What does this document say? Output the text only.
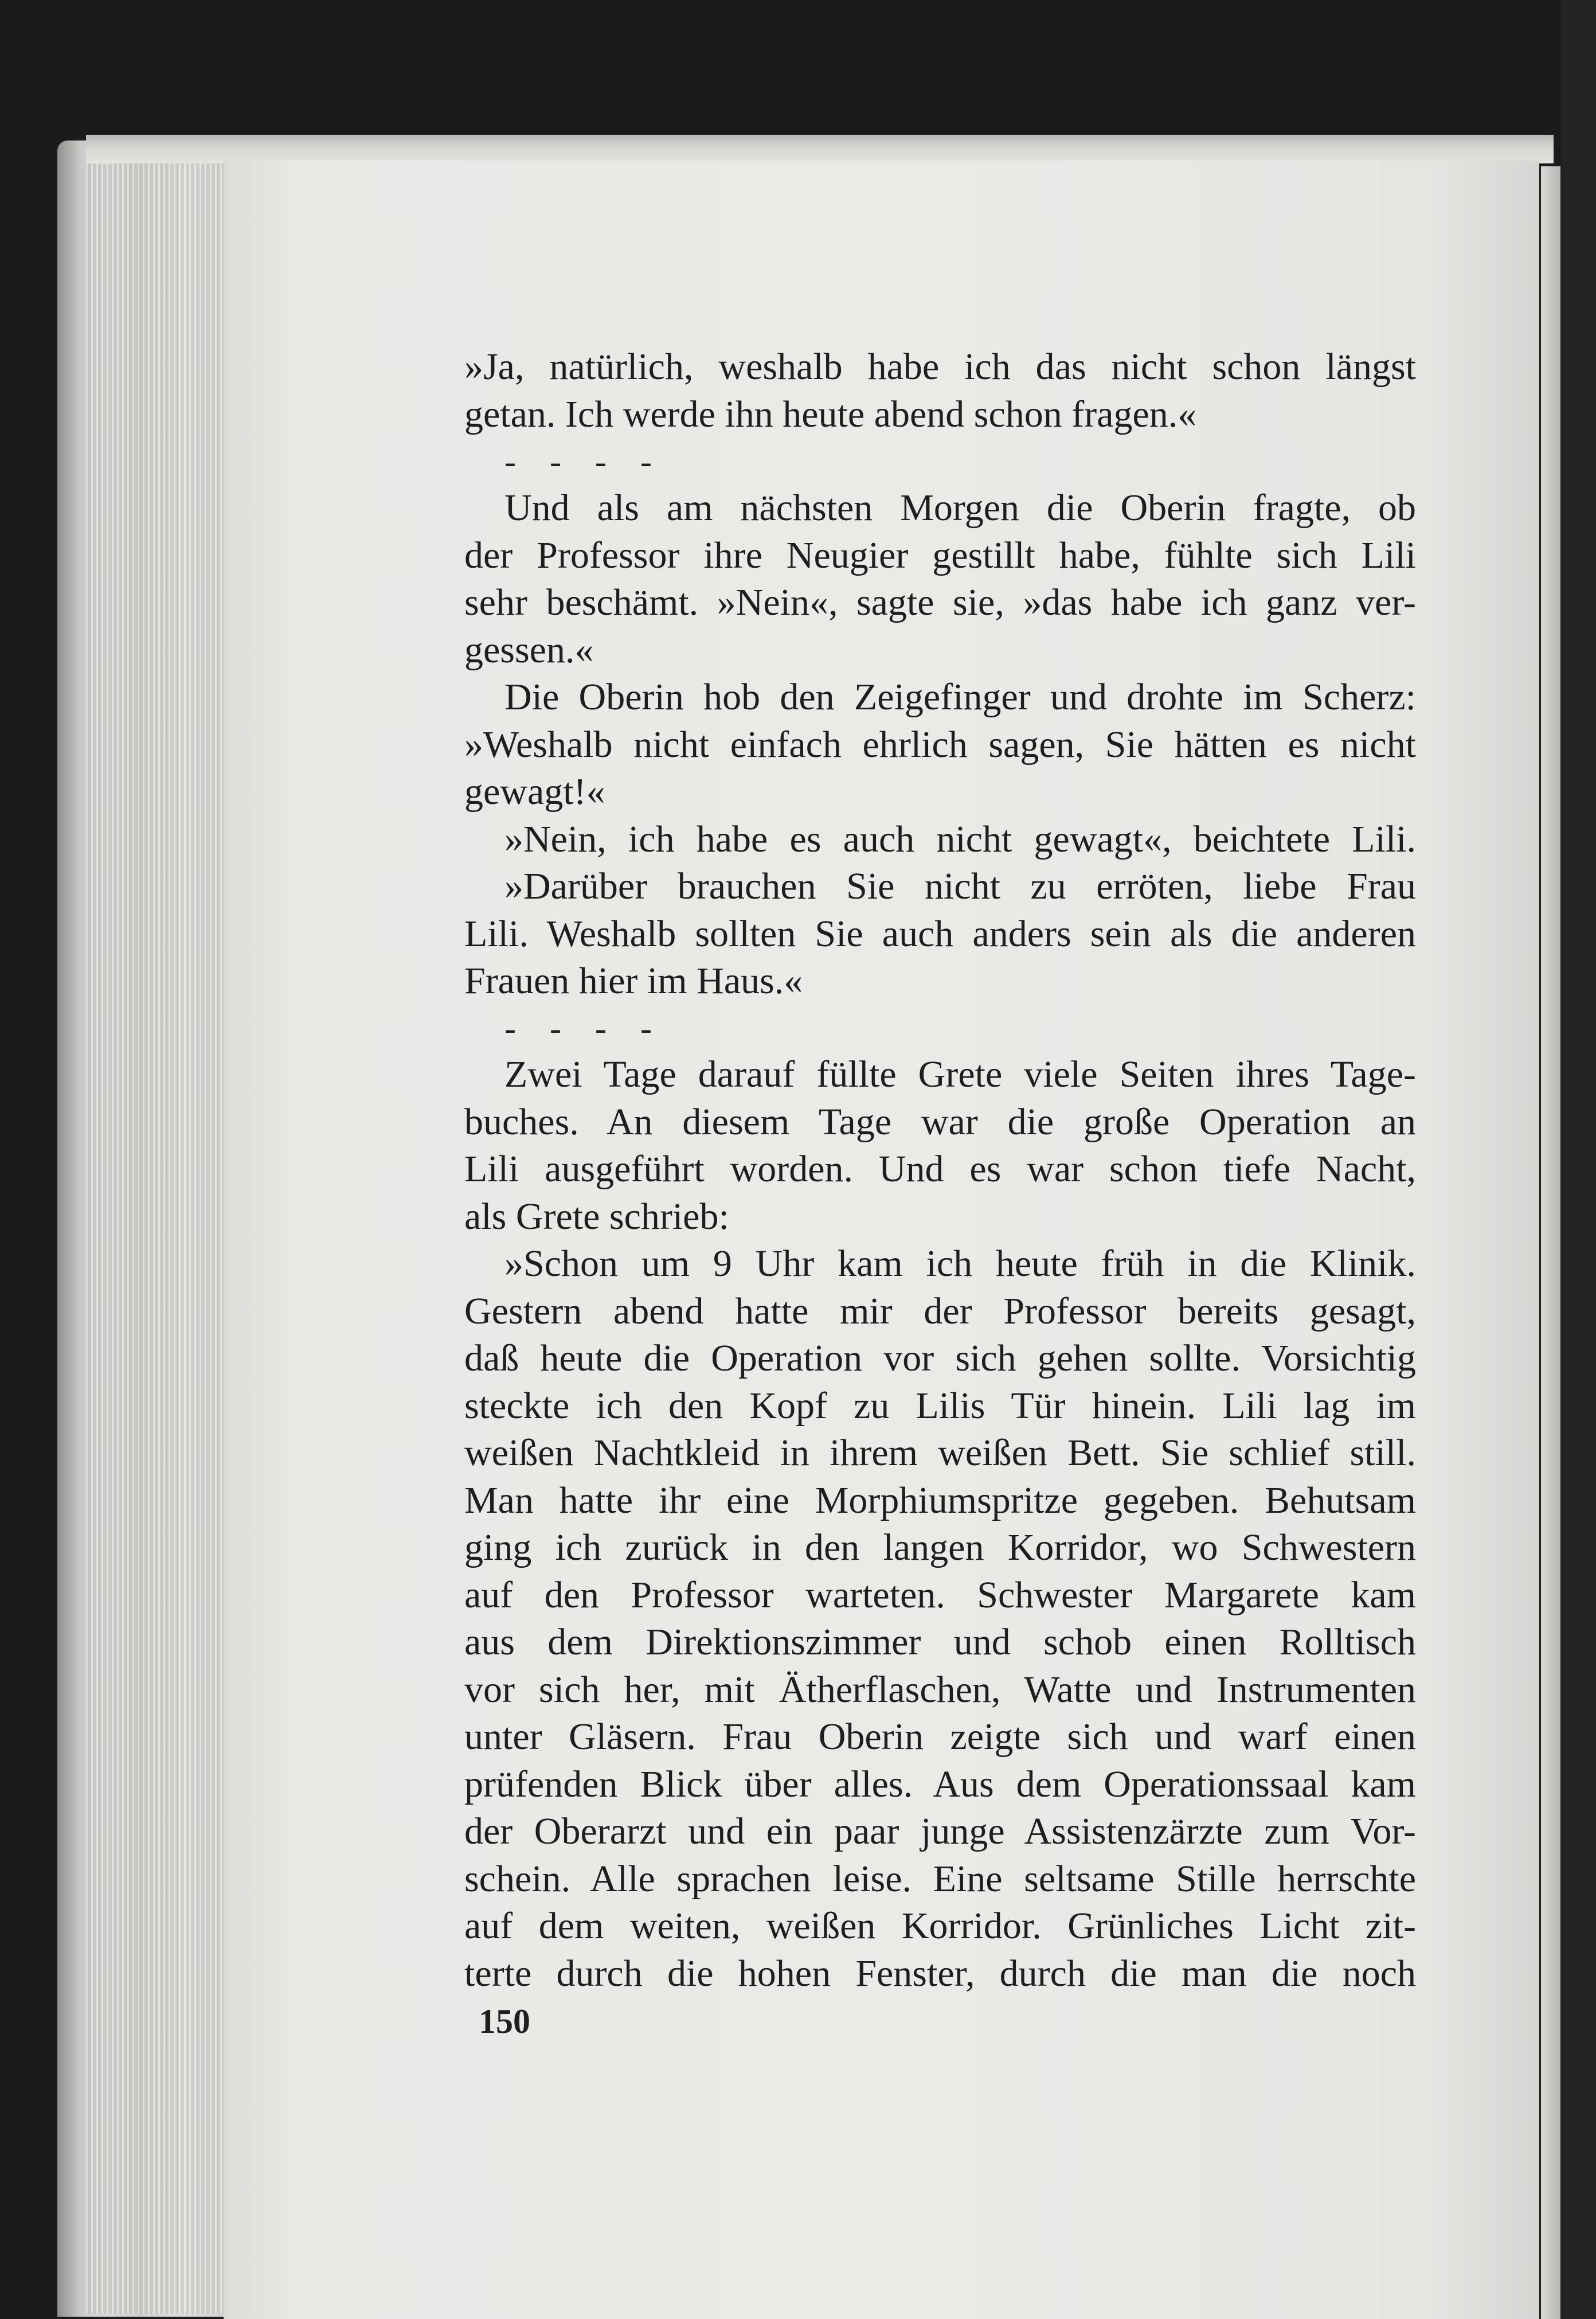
»Ja, natürlich, weshalb habe ich das nicht schon längst
getan. Ich werde ihn heute abend schon fragen.«
- - - -
Und als am nächsten Morgen die Oberin fragte, ob
der Professor ihre Neugier gestillt habe, fühlte sich Lili
sehr beschämt. »Nein«, sagte sie, »das habe ich ganz ver-
gessen.«
Die Oberin hob den Zeigefinger und drohte im Scherz:
»Weshalb nicht einfach ehrlich sagen, Sie hätten es nicht
gewagt!«
»Nein, ich habe es auch nicht gewagt«, beichtete Lili.
»Darüber brauchen Sie nicht zu erröten, liebe Frau
Lili. Weshalb sollten Sie auch anders sein als die anderen
Frauen hier im Haus.«
- - - -
Zwei Tage darauf füllte Grete viele Seiten ihres Tage-
buches. An diesem Tage war die große Operation an
Lili ausgeführt worden. Und es war schon tiefe Nacht,
als Grete schrieb:
»Schon um 9 Uhr kam ich heute früh in die Klinik.
Gestern abend hatte mir der Professor bereits gesagt,
daß heute die Operation vor sich gehen sollte. Vorsichtig
steckte ich den Kopf zu Lilis Tür hinein. Lili lag im
weißen Nachtkleid in ihrem weißen Bett. Sie schlief still.
Man hatte ihr eine Morphiumspritze gegeben. Behutsam
ging ich zurück in den langen Korridor, wo Schwestern
auf den Professor warteten. Schwester Margarete kam
aus dem Direktionszimmer und schob einen Rolltisch
vor sich her, mit Ätherflaschen, Watte und Instrumenten
unter Gläsern. Frau Oberin zeigte sich und warf einen
prüfenden Blick über alles. Aus dem Operationssaal kam
der Oberarzt und ein paar junge Assistenzärzte zum Vor-
schein. Alle sprachen leise. Eine seltsame Stille herrschte
auf dem weiten, weißen Korridor. Grünliches Licht zit-
terte durch die hohen Fenster, durch die man die noch
150
